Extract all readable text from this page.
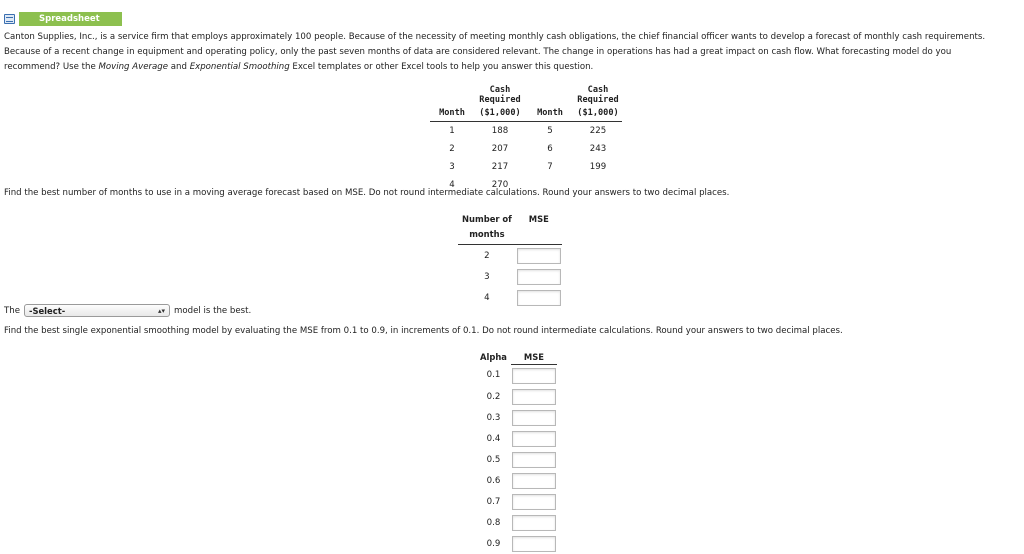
Spreadsheet
Canton Supplies, Inc., is a service firm that employs approximately 100 people. Because of the necessity of meeting monthly cash obligations, the chief financial officer wants to develop a forecast of monthly cash requirements. Because of a recent change in equipment and operating policy, only the past seven months of data are considered relevant. The change in operations has had a great impact on cash flow. What forecasting model do you recommend? Use the Moving Average and Exponential Smoothing Excel templates or other Excel tools to help you answer this question.
	Cash Required		Cash Required
Month	($1,000)	Month	($1,000)
1	188	5	225
2	207	6	243
3	217	7	199
4	270		
Find the best number of months to use in a moving average forecast based on MSE. Do not round intermediate calculations. Round your answers to two decimal places.
Number of
months	MSE
2	

3	

4	
The -Select-	▴▾ model is the best.
Find the best single exponential smoothing model by evaluating the MSE from 0.1 to 0.9, in increments of 0.1. Do not round intermediate calculations. Round your answers to two decimal places.
Alpha	MSE
0.1	

0.2	

0.3	

0.4	

0.5	

0.6	

0.7	

0.8	

0.9	
